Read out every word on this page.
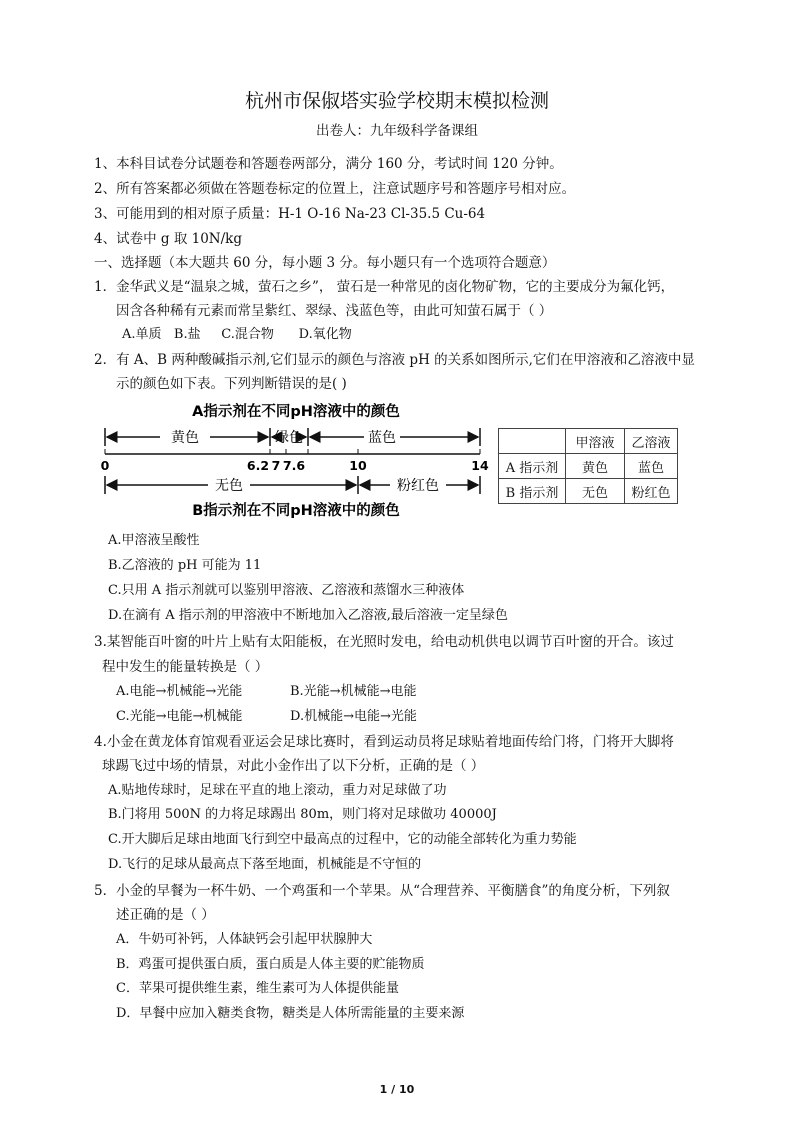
杭州市保俶塔实验学校期末模拟检测
出卷人：九年级科学备课组
1、本科目试卷分试题卷和答题卷两部分，满分 160 分，考试时间 120 分钟。
2、所有答案都必须做在答题卷标定的位置上，注意试题序号和答题序号相对应。
3、可能用到的相对原子质量：H-1 O-16 Na-23 Cl-35.5 Cu-64
4、试卷中 g 取 10N/kg
一、选择题（本大题共 60 分，每小题 3 分。每小题只有一个选项符合题意）
1．金华武义是“温泉之城，萤石之乡”， 萤石是一种常见的卤化物矿物，它的主要成分为氟化钙，
因含各种稀有元素而常呈紫红、翠绿、浅蓝色等，由此可知萤石属于（ ）
A.单质   B.盐     C.混合物      D.氧化物
2．有 A、B 两种酸碱指示剂,它们显示的颜色与溶液 pH 的关系如图所示,它们在甲溶液和乙溶液中显
示的颜色如下表。下列判断错误的是( )
A指示剂在不同pH溶液中的颜色
黄色	绿色	蓝色
0	6.2 7 7.6	10	14
无色	粉红色
B指示剂在不同pH溶液中的颜色
	甲溶液	乙溶液
A 指示剂	黄色	蓝色
B 指示剂	无色	粉红色
A.甲溶液呈酸性
B.乙溶液的 pH 可能为 11
C.只用 A 指示剂就可以鉴别甲溶液、乙溶液和蒸馏水三种液体
D.在滴有 A 指示剂的甲溶液中不断地加入乙溶液,最后溶液一定呈绿色
3.某智能百叶窗的叶片上贴有太阳能板，在光照时发电，给电动机供电以调节百叶窗的开合。该过
程中发生的能量转换是（ ）
A.电能→机械能→光能	B.光能→机械能→电能
C.光能→电能→机械能	D.机械能→电能→光能
4.小金在黄龙体育馆观看亚运会足球比赛时，看到运动员将足球贴着地面传给门将，门将开大脚将
球踢飞过中场的情景，对此小金作出了以下分析，正确的是（ ）
A.贴地传球时，足球在平直的地上滚动，重力对足球做了功
B.门将用 500N 的力将足球踢出 80m，则门将对足球做功 40000J
C.开大脚后足球由地面飞行到空中最高点的过程中，它的动能全部转化为重力势能
D.飞行的足球从最高点下落至地面，机械能是不守恒的
5．小金的早餐为一杯牛奶、一个鸡蛋和一个苹果。从“合理营养、平衡膳食”的角度分析，下列叙
述正确的是（ ）
A．牛奶可补钙，人体缺钙会引起甲状腺肿大
B．鸡蛋可提供蛋白质，蛋白质是人体主要的贮能物质
C．苹果可提供维生素，维生素可为人体提供能量
D．早餐中应加入糖类食物，糖类是人体所需能量的主要来源
1 / 10
